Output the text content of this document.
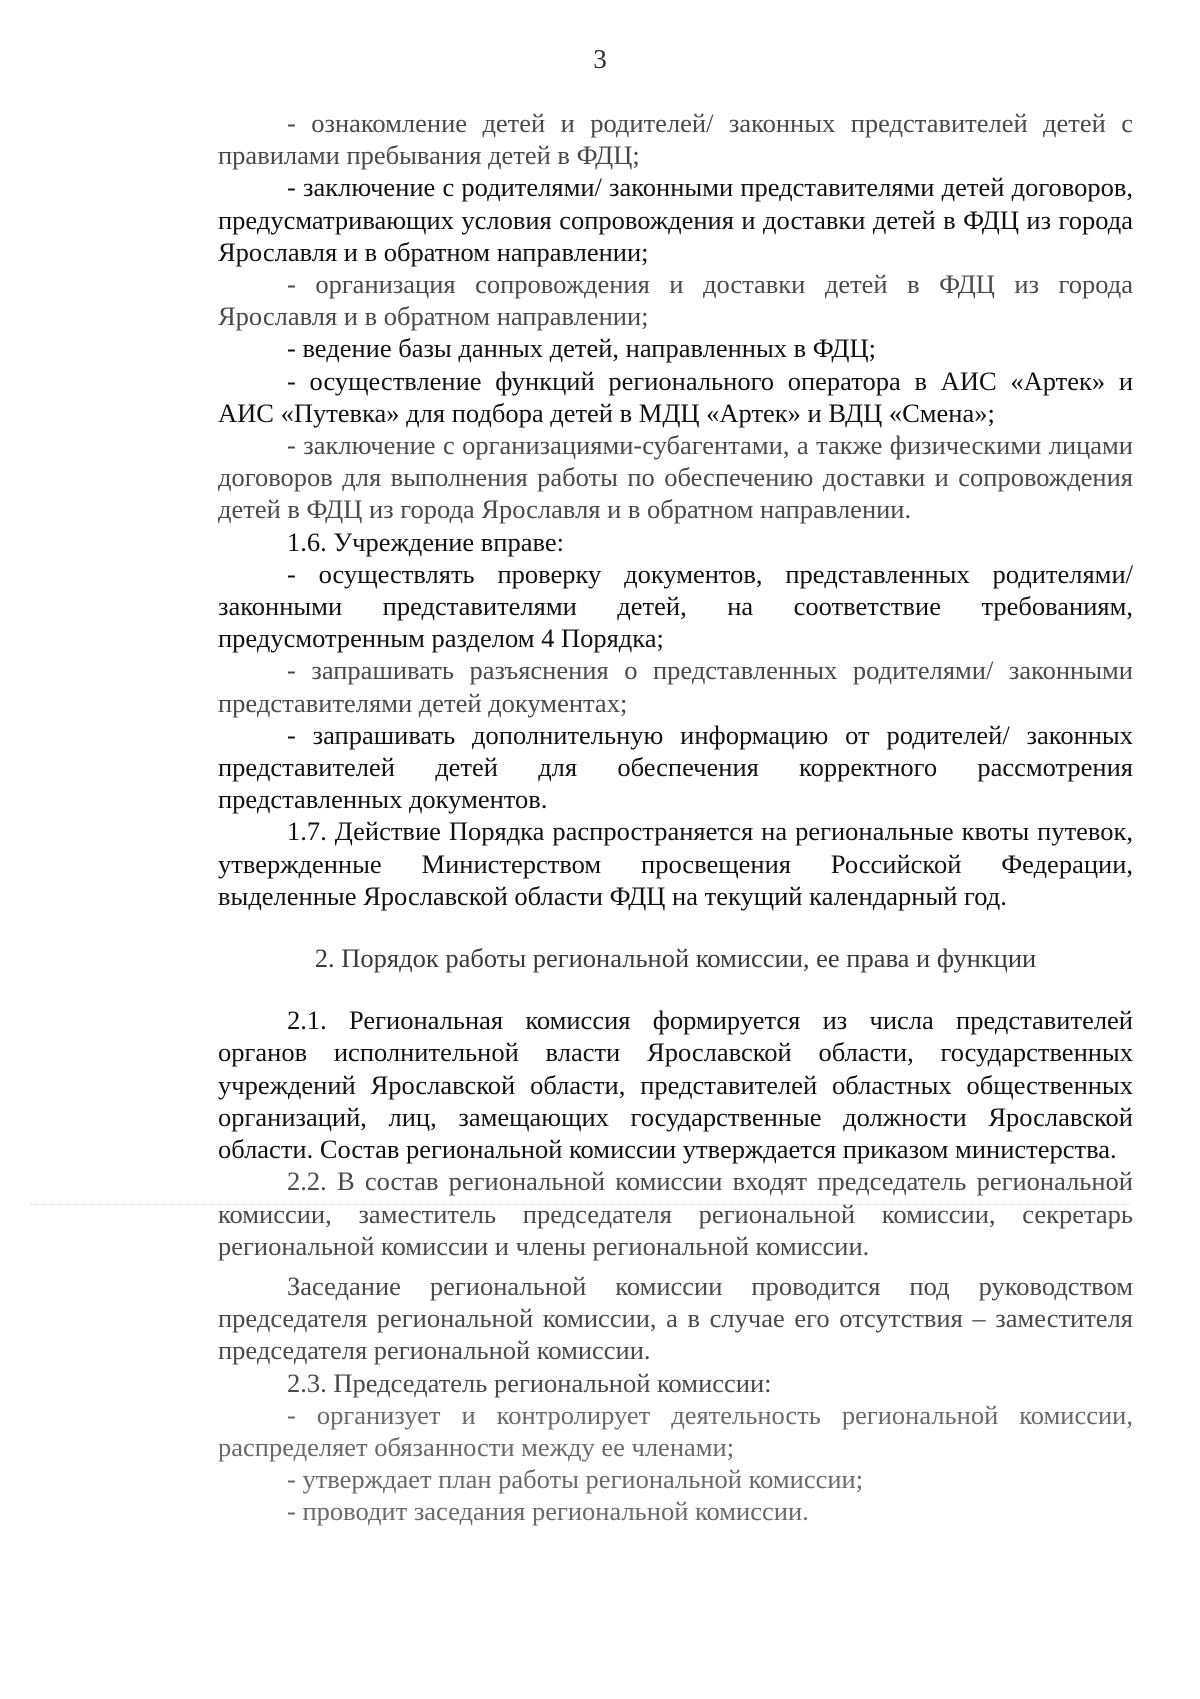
3

- ознакомление детей и родителей/ законных представителей детей с правилами пребывания детей в ФДЦ;

- заключение с родителями/ законными представителями детей договоров, предусматривающих условия сопровождения и доставки детей в ФДЦ из города Ярославля и в обратном направлении;

- организация сопровождения и доставки детей в ФДЦ из города Ярославля и в обратном направлении;

- ведение базы данных детей, направленных в ФДЦ;

- осуществление функций регионального оператора в АИС «Артек» и АИС «Путевка» для подбора детей в МДЦ «Артек» и ВДЦ «Смена»;

- заключение с организациями-субагентами, а также физическими лицами договоров для выполнения работы по обеспечению доставки и сопровождения детей в ФДЦ из города Ярославля и в обратном направлении.

1.6. Учреждение вправе:

- осуществлять проверку документов, представленных родителями/ законными представителями детей, на соответствие требованиям, предусмотренным разделом 4 Порядка;

- запрашивать разъяснения о представленных родителями/ законными представителями детей документах;

- запрашивать дополнительную информацию от родителей/ законных представителей детей для обеспечения корректного рассмотрения представленных документов.

1.7. Действие Порядка распространяется на региональные квоты путевок, утвержденные Министерством просвещения Российской Федерации, выделенные Ярославской области ФДЦ на текущий календарный год.

2. Порядок работы региональной комиссии, ее права и функции

2.1. Региональная комиссия формируется из числа представителей органов исполнительной власти Ярославской области, государственных учреждений Ярославской области, представителей областных общественных организаций, лиц, замещающих государственные должности Ярославской области. Состав региональной комиссии утверждается приказом министерства.

2.2. В состав региональной комиссии входят председатель региональной комиссии, заместитель председателя региональной комиссии, секретарь региональной комиссии и члены региональной комиссии.

Заседание региональной комиссии проводится под руководством председателя региональной комиссии, а в случае его отсутствия – заместителя председателя региональной комиссии.

2.3. Председатель региональной комиссии:

- организует и контролирует деятельность региональной комиссии, распределяет обязанности между ее членами;

- утверждает план работы региональной комиссии;

- проводит заседания региональной комиссии.
